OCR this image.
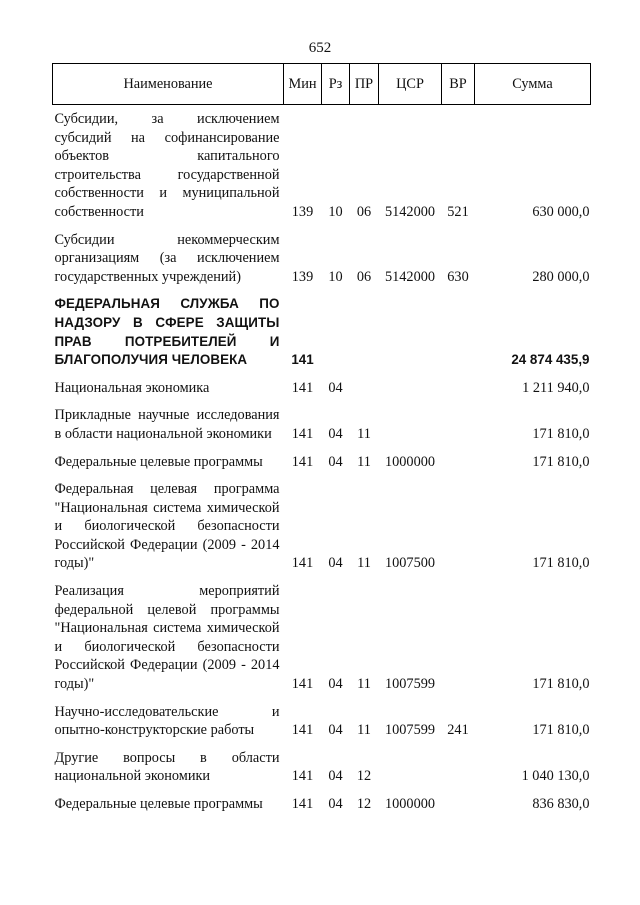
652
Наименование	Мин	Рз	ПР	ЦСР	ВР	Сумма
Субсидии, за исключением субсидий на софинансирование объектов капитального строительства государственной собственности и муниципальной собственности	139	10	06	5142000	521	630 000,0
Субсидии некоммерческим организациям (за исключением государственных учреждений)	139	10	06	5142000	630	280 000,0
ФЕДЕРАЛЬНАЯ СЛУЖБА ПО НАДЗОРУ В СФЕРЕ ЗАЩИТЫ ПРАВ ПОТРЕБИТЕЛЕЙ И БЛАГОПОЛУЧИЯ ЧЕЛОВЕКА	141					24 874 435,9
Национальная экономика	141	04				1 211 940,0
Прикладные научные исследования в области национальной экономики	141	04	11			171 810,0
Федеральные целевые программы	141	04	11	1000000		171 810,0
Федеральная целевая программа "Национальная система химической и биологической безопасности Российской Федерации (2009 - 2014 годы)"	141	04	11	1007500		171 810,0
Реализация мероприятий федеральной целевой программы "Национальная система химической и биологической безопасности Российской Федерации (2009 - 2014 годы)"	141	04	11	1007599		171 810,0
Научно-исследовательские и опытно-конструкторские работы	141	04	11	1007599	241	171 810,0
Другие вопросы в области национальной экономики	141	04	12			1 040 130,0
Федеральные целевые программы	141	04	12	1000000		836 830,0
